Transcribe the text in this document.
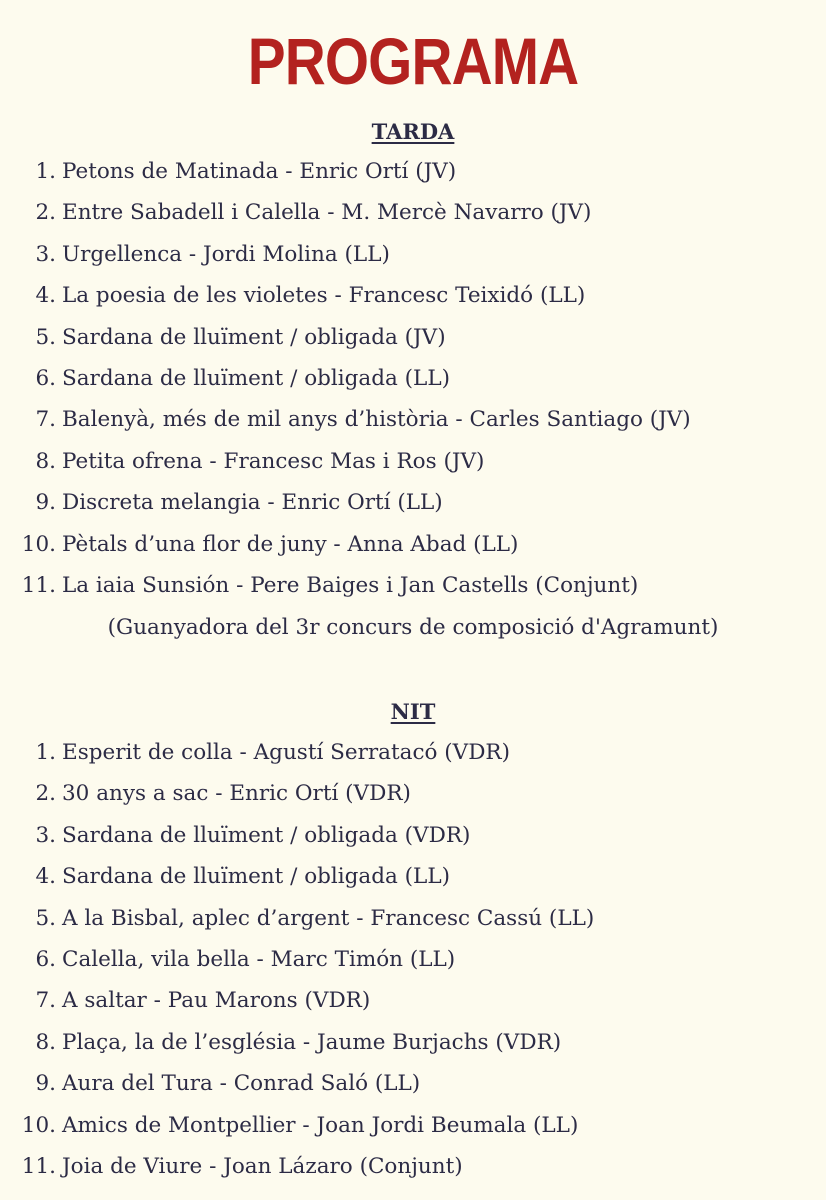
PROGRAMA
TARDA
1. Petons de Matinada - Enric Ortí (JV)
2. Entre Sabadell i Calella - M. Mercè Navarro (JV)
3. Urgellenca - Jordi Molina (LL)
4. La poesia de les violetes - Francesc Teixidó (LL)
5. Sardana de lluïment / obligada (JV)
6. Sardana de lluïment / obligada (LL)
7. Balenyà, més de mil anys d’història - Carles Santiago (JV)
8. Petita ofrena - Francesc Mas i Ros (JV)
9. Discreta melangia - Enric Ortí (LL)
10. Pètals d’una flor de juny - Anna Abad (LL)
11. La iaia Sunsión - Pere Baiges i Jan Castells (Conjunt)
(Guanyadora del 3r concurs de composició d'Agramunt)
NIT
1. Esperit de colla - Agustí Serratacó (VDR)
2. 30 anys a sac - Enric Ortí (VDR)
3. Sardana de lluïment / obligada (VDR)
4. Sardana de lluïment / obligada (LL)
5. A la Bisbal, aplec d’argent - Francesc Cassú (LL)
6. Calella, vila bella - Marc Timón (LL)
7. A saltar - Pau Marons (VDR)
8. Plaça, la de l’església - Jaume Burjachs (VDR)
9. Aura del Tura - Conrad Saló (LL)
10. Amics de Montpellier - Joan Jordi Beumala (LL)
11. Joia de Viure - Joan Lázaro (Conjunt)
